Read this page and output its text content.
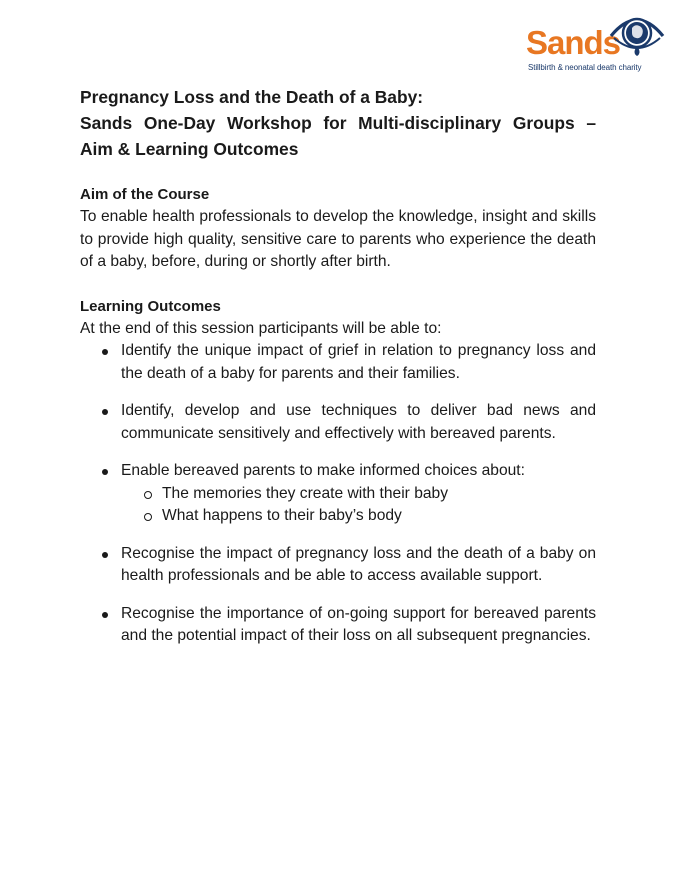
Sands
Stillbirth & neonatal death charity
Pregnancy Loss and the Death of a Baby:
Sands One-Day Workshop for Multi-disciplinary Groups –
Aim & Learning Outcomes
Aim of the Course

To enable health professionals to develop the knowledge, insight and skills to provide high quality, sensitive care to parents who experience the death of a baby, before, during or shortly after birth.

Learning Outcomes

At the end of this session participants will be able to:

Identify the unique impact of grief in relation to pregnancy loss and the death of a baby for parents and their families.
Identify, develop and use techniques to deliver bad news and communicate sensitively and effectively with bereaved parents.
Enable bereaved parents to make informed choices about:
The memories they create with their baby
What happens to their baby’s body
Recognise the impact of pregnancy loss and the death of a baby on health professionals and be able to access available support.
Recognise the importance of on-going support for bereaved parents and the potential impact of their loss on all subsequent pregnancies.
